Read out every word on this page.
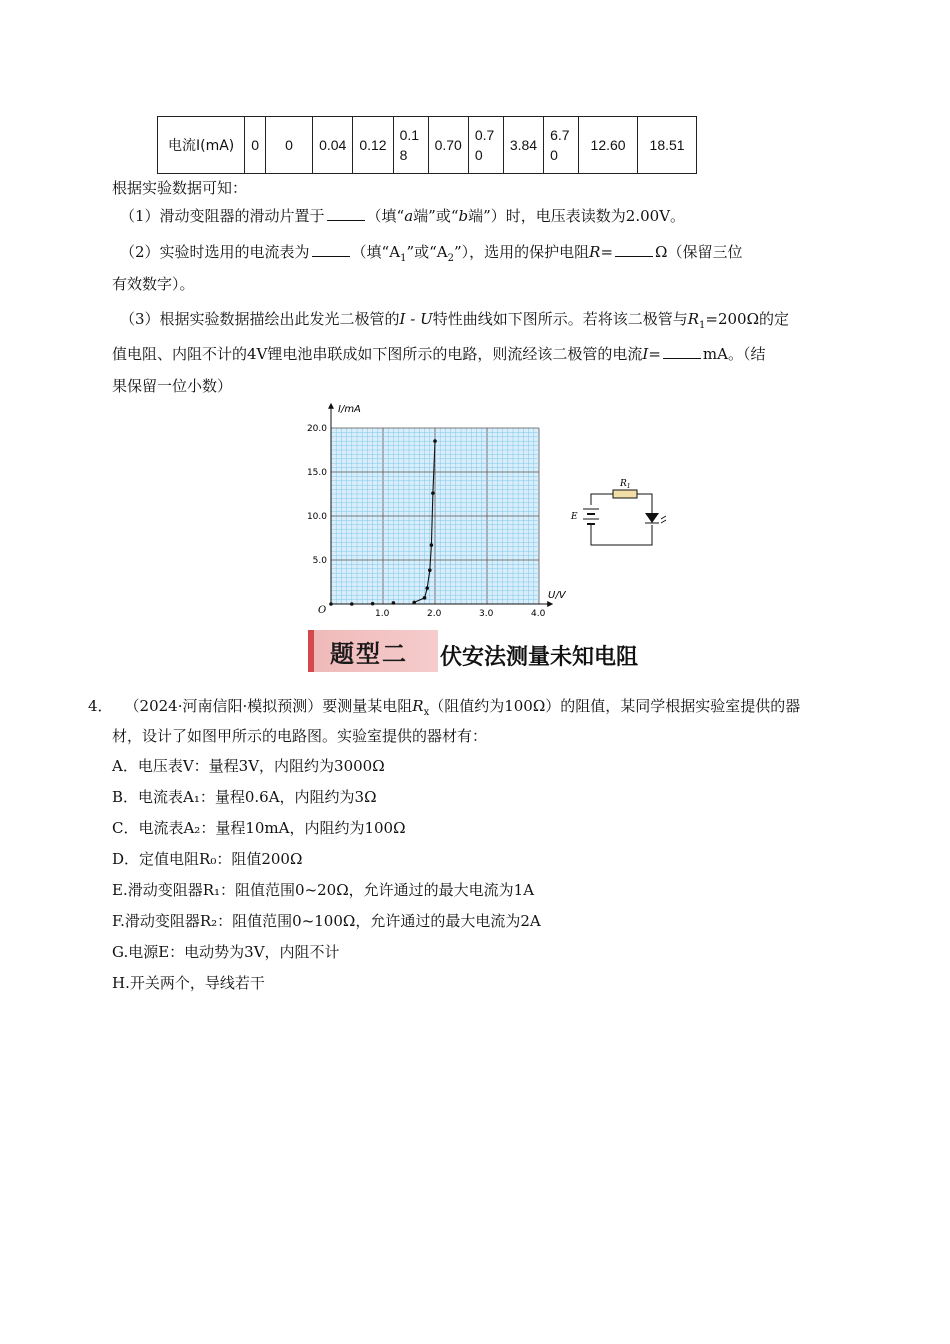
电流I(mA)	0	0	0.04	0.12	0.18	0.70	0.70	3.84	6.70	12.60	18.51
根据实验数据可知：
（1）滑动变阻器的滑动片置于	（填“a端”或“b端”）时，电压表读数为2.00V。
（2）实验时选用的电流表为	（填“$A_1$”或“$A_2$”），选用的保护电阻R=	Ω（保留三位
有效数字）。
（3）根据实验数据描绘出此发光二极管的I - U特性曲线如下图所示。若将该二极管与$R_1=200\Omega$的定
值电阻、内阻不计的4V锂电池串联成如下图所示的电路，则流经该二极管的电流I=	mA。（结
果保留一位小数）
I/mA
U/V
O	1.0	2.0	3.0	4.0
5.0
10.0
15.0
20.0
$R_1$
E
题型二 伏安法测量未知电阻
4． （2024·河南信阳·模拟预测）要测量某电阻$R_x$（阻值约为100Ω）的阻值，某同学根据实验室提供的器
材，设计了如图甲所示的电路图。实验室提供的器材有：
A．电压表V：量程3V，内阻约为3000Ω
B．电流表A₁：量程0.6A，内阻约为3Ω
C．电流表A₂：量程10mA，内阻约为100Ω
D．定值电阻R₀：阻值200Ω
E.滑动变阻器R₁：阻值范围0~20Ω，允许通过的最大电流为1A
F.滑动变阻器R₂：阻值范围0~100Ω，允许通过的最大电流为2A
G.电源E：电动势为3V，内阻不计
H.开关两个，导线若干
